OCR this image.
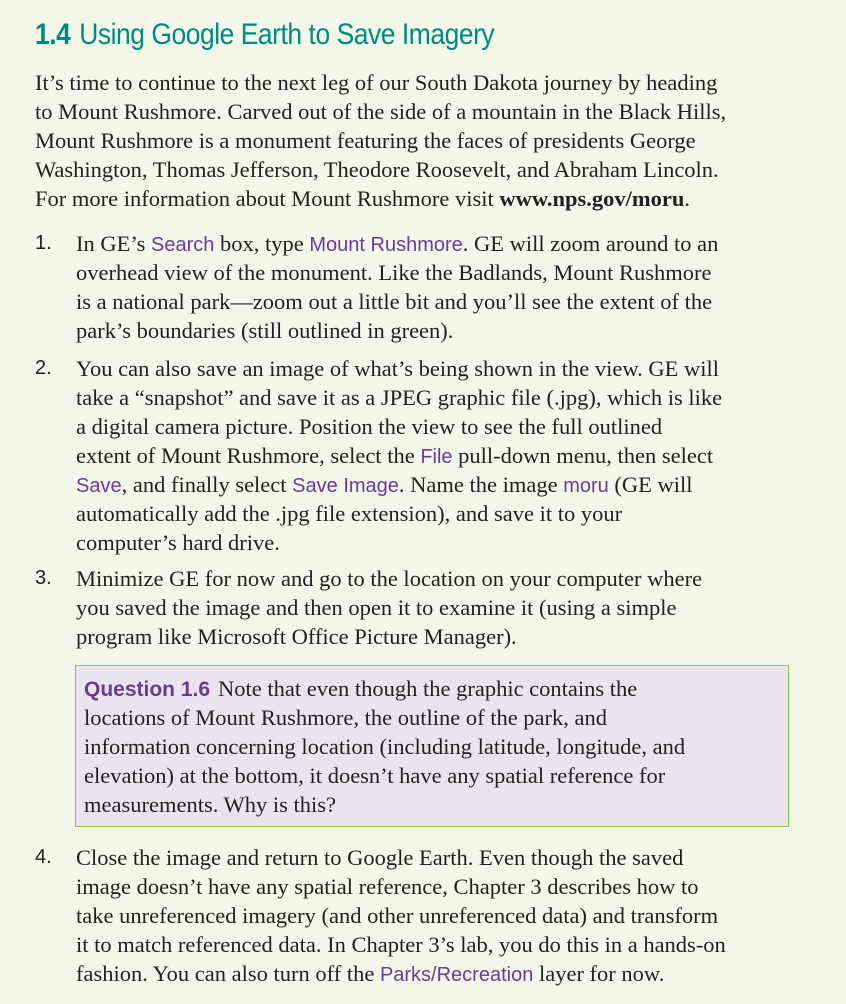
1.4 Using Google Earth to Save Imagery
It’s time to continue to the next leg of our South Dakota journey by heading
to Mount Rushmore. Carved out of the side of a mountain in the Black Hills,
Mount Rushmore is a monument featuring the faces of presidents George
Washington, Thomas Jefferson, Theodore Roosevelt, and Abraham Lincoln.
For more information about Mount Rushmore visit www.nps.gov/moru.
1. In GE’s Search box, type Mount Rushmore. GE will zoom around to an
overhead view of the monument. Like the Badlands, Mount Rushmore
is a national park—zoom out a little bit and you’ll see the extent of the
park’s boundaries (still outlined in green).
2. You can also save an image of what’s being shown in the view. GE will
take a “snapshot” and save it as a JPEG graphic file (.jpg), which is like
a digital camera picture. Position the view to see the full outlined
extent of Mount Rushmore, select the File pull-down menu, then select
Save, and finally select Save Image. Name the image moru (GE will
automatically add the .jpg file extension), and save it to your
computer’s hard drive.
3. Minimize GE for now and go to the location on your computer where
you saved the image and then open it to examine it (using a simple
program like Microsoft Office Picture Manager).
Question 1.6 Note that even though the graphic contains the
locations of Mount Rushmore, the outline of the park, and
information concerning location (including latitude, longitude, and
elevation) at the bottom, it doesn’t have any spatial reference for
measurements. Why is this?
4. Close the image and return to Google Earth. Even though the saved
image doesn’t have any spatial reference, Chapter 3 describes how to
take unreferenced imagery (and other unreferenced data) and transform
it to match referenced data. In Chapter 3’s lab, you do this in a hands-on
fashion. You can also turn off the Parks/Recreation layer for now.
